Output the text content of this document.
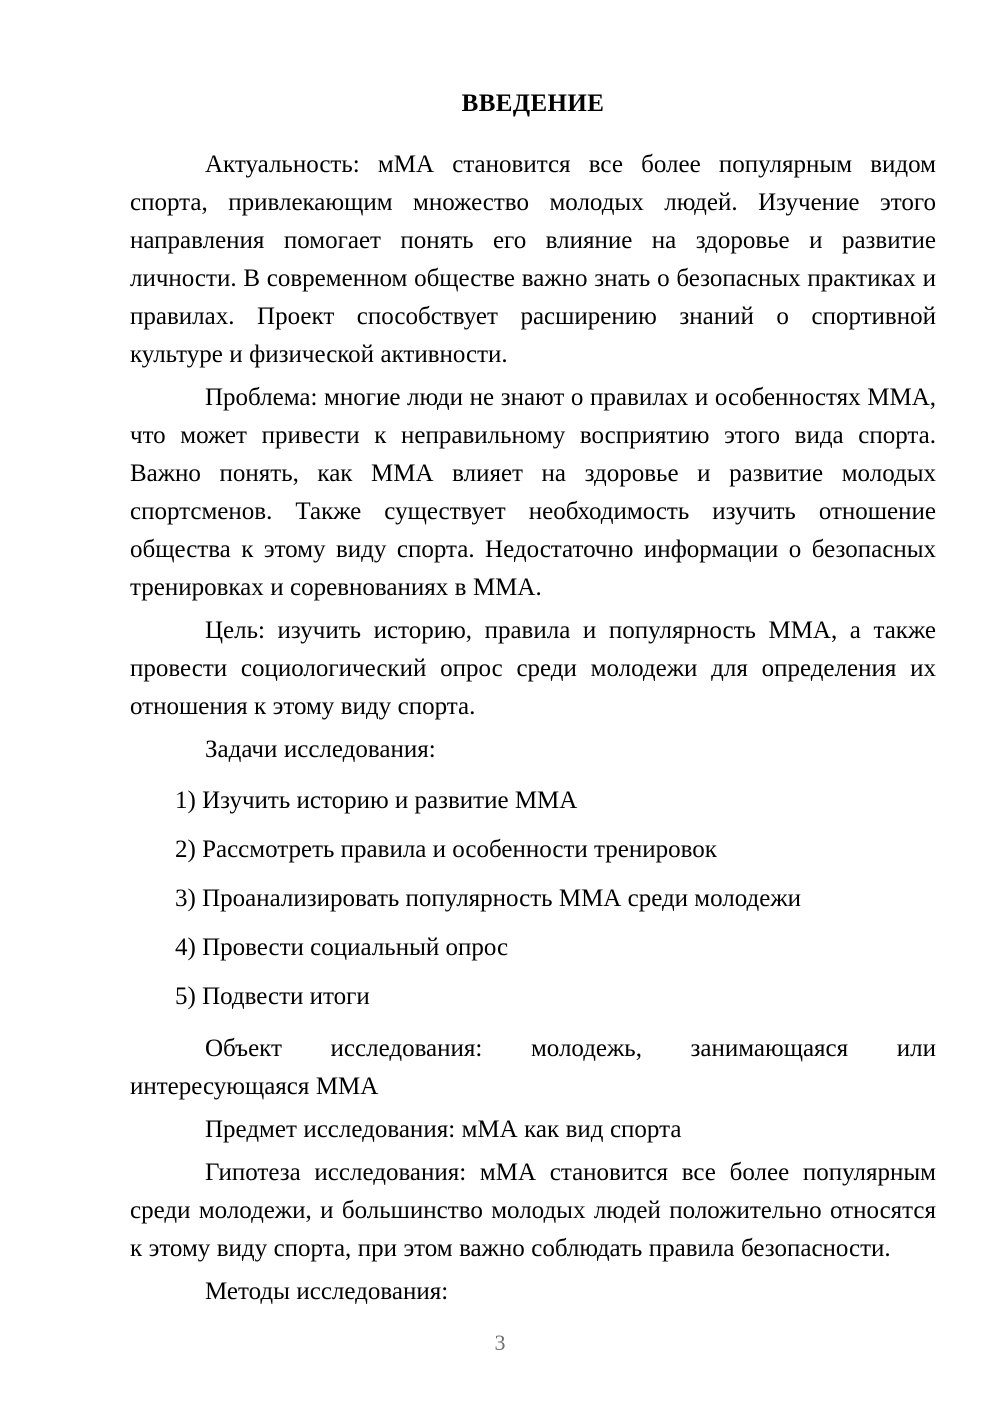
ВВЕДЕНИЕ

Актуальность: мМА становится все более популярным видом спорта, привлекающим множество молодых людей. Изучение этого направления помогает понять его влияние на здоровье и развитие личности. В современном обществе важно знать о безопасных практиках и правилах. Проект способствует расширению знаний о спортивной культуре и физической активности.

Проблема: многие люди не знают о правилах и особенностях ММА, что может привести к неправильному восприятию этого вида спорта. Важно понять, как ММА влияет на здоровье и развитие молодых спортсменов. Также существует необходимость изучить отношение общества к этому виду спорта. Недостаточно информации о безопасных тренировках и соревнованиях в ММА.

Цель: изучить историю, правила и популярность ММА, а также провести социологический опрос среди молодежи для определения их отношения к этому виду спорта.

Задачи исследования:

1) Изучить историю и развитие ММА
2) Рассмотреть правила и особенности тренировок
3) Проанализировать популярность ММА среди молодежи
4) Провести социальный опрос
5) Подвести итоги

Объект исследования: молодежь, занимающаяся или интересующаяся ММА

Предмет исследования: мМА как вид спорта

Гипотеза исследования: мМА становится все более популярным среди молодежи, и большинство молодых людей положительно относятся к этому виду спорта, при этом важно соблюдать правила безопасности.

Методы исследования:

3
